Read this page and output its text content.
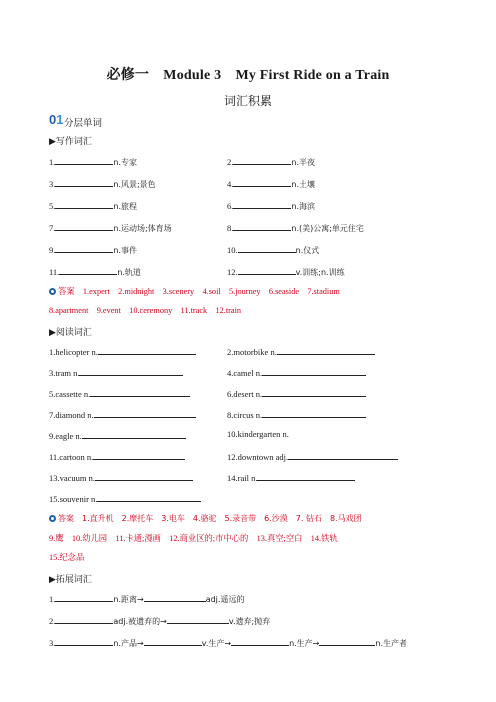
必修一　Module 3　My First Ride on a Train
词汇积累
01 分层单词
▶写作词汇
1.	n.专家	2.	n.半夜
3.	n.风景;景色	4.	n.土壤
5.	n.旅程	6.	n.海滨
7.	n.运动场;体育场	8.	n.(美)公寓;单元住宅
9.	n.事件	10.	n.仪式
11.	n.轨道	12.	v.训练;n.训练
答案　1.expert　2.midnight　3.scenery　4.soil　5.journey　6.seaside　7.stadium
8.apartment　9.event　10.ceremony　11.track　12.train
▶阅读词汇
1.helicopter n.	2.motorbike n.
3.tram n.	4.camel n.
5.cassette n.	6.desert n.
7.diamond n.	8.circus n.
9.eagle n.	10.kindergarten n.
11.cartoon n.	12.downtown adj.
13.vacuum n.	14.rail n.
15.souvenir n.
答案　1.直升机　2.摩托车　3.电车　4.骆驼　5.录音带　6.沙漠　7. 钻石　8.马戏团
9.鹰　10.幼儿园　11.卡通;漫画　12.商业区的;市中心的　13.真空;空白　14.铁轨
15.纪念品
▶拓展词汇
1.	n.距离→	adj.遥远的
2.	adj.被遗弃的→	v.遗弃;抛弃
3.	n.产品→	v.生产→	n.生产→	n.生产者
